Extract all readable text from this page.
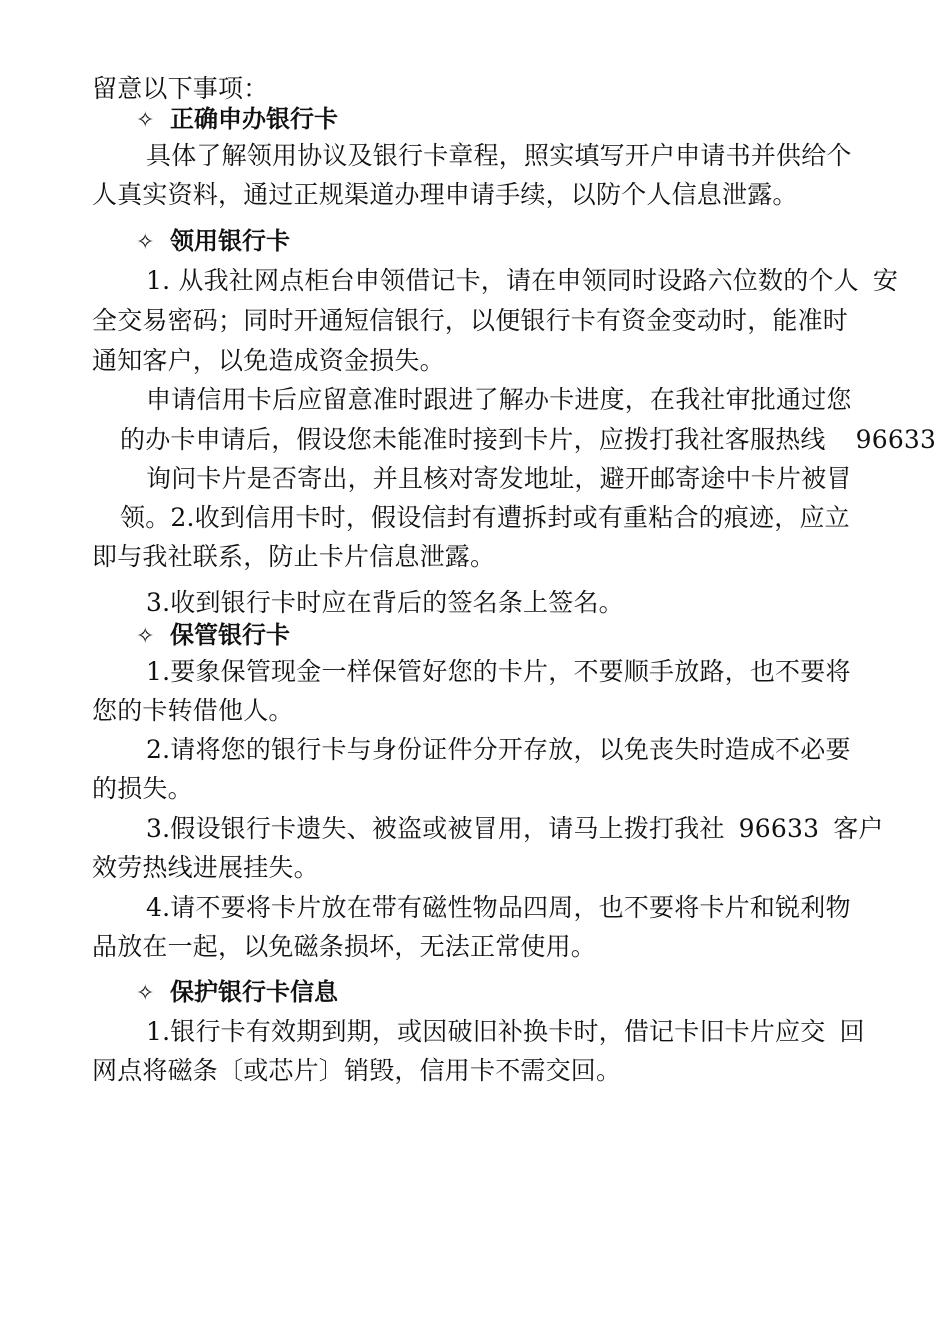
留意以下事项：
✧ 正确申办银行卡
具体了解领用协议及银行卡章程，照实填写开户申请书并供给个
人真实资料，通过正规渠道办理申请手续，以防个人信息泄露。
✧ 领用银行卡
1. 从我社网点柜台申领借记卡，请在申领同时设路六位数的个人 安
全交易密码；同时开通短信银行，以便银行卡有资金变动时，能准时
通知客户，以免造成资金损失。
申请信用卡后应留意准时跟进了解办卡进度，在我社审批通过您
的办卡申请后，假设您未能准时接到卡片，应拨打我社客服热线 96633
询问卡片是否寄出，并且核对寄发地址，避开邮寄途中卡片被冒
领。2.收到信用卡时，假设信封有遭拆封或有重粘合的痕迹，应立
即与我社联系，防止卡片信息泄露。
3.收到银行卡时应在背后的签名条上签名。
✧ 保管银行卡
1.要象保管现金一样保管好您的卡片，不要顺手放路，也不要将
您的卡转借他人。
2.请将您的银行卡与身份证件分开存放，以免丧失时造成不必要
的损失。
3.假设银行卡遗失、被盗或被冒用，请马上拨打我社 96633 客户
效劳热线进展挂失。
4.请不要将卡片放在带有磁性物品四周，也不要将卡片和锐利物
品放在一起，以免磁条损坏，无法正常使用。
✧ 保护银行卡信息
1.银行卡有效期到期，或因破旧补换卡时，借记卡旧卡片应交 回
网点将磁条〔或芯片〕销毁，信用卡不需交回。
